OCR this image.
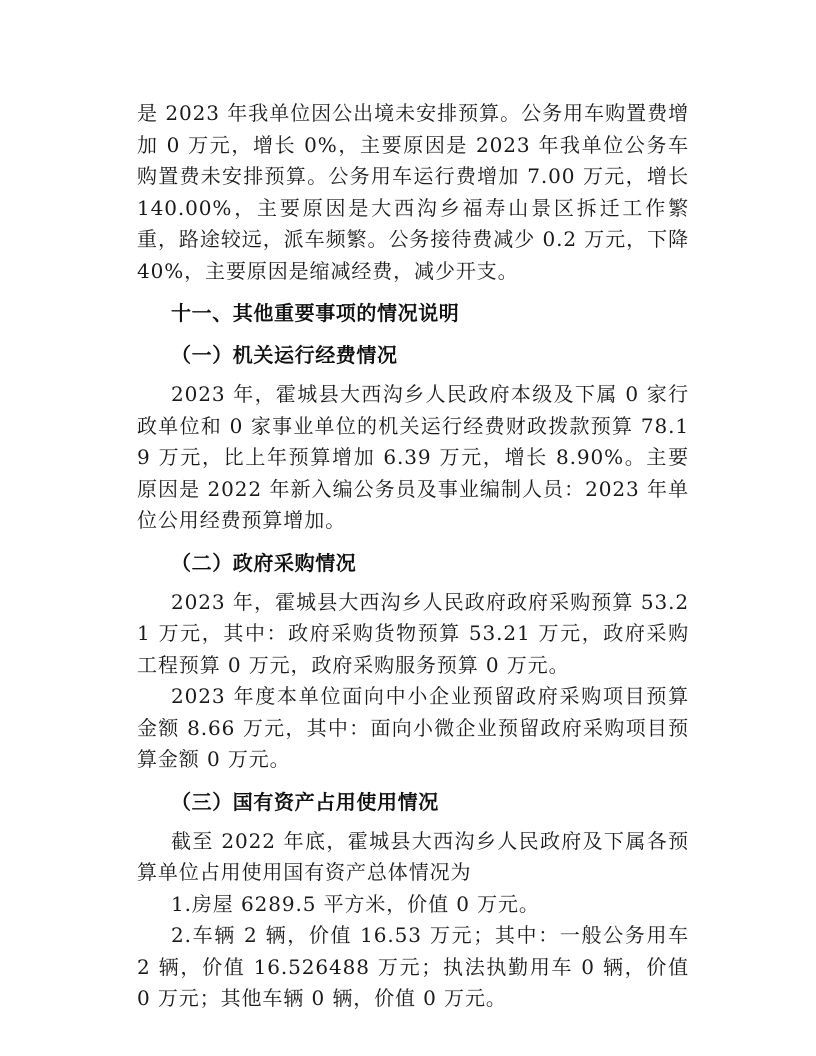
是 2023 年我单位因公出境未安排预算。公务用车购置费增加 0 万元，增长 0%，主要原因是 2023 年我单位公务车购置费未安排预算。公务用车运行费增加 7.00 万元，增长 140.00%，主要原因是大西沟乡福寿山景区拆迁工作繁重，路途较远，派车频繁。公务接待费减少 0.2 万元，下降 40%，主要原因是缩减经费，减少开支。

十一、其他重要事项的情况说明
（一）机关运行经费情况

2023 年，霍城县大西沟乡人民政府本级及下属 0 家行政单位和 0 家事业单位的机关运行经费财政拨款预算 78.19 万元，比上年预算增加 6.39 万元，增长 8.90%。主要原因是 2022 年新入编公务员及事业编制人员：2023 年单位公用经费预算增加。

（二）政府采购情况

2023 年，霍城县大西沟乡人民政府政府采购预算 53.21 万元，其中：政府采购货物预算 53.21 万元，政府采购工程预算 0 万元，政府采购服务预算 0 万元。

2023 年度本单位面向中小企业预留政府采购项目预算金额 8.66 万元，其中：面向小微企业预留政府采购项目预算金额 0 万元。

（三）国有资产占用使用情况

截至 2022 年底，霍城县大西沟乡人民政府及下属各预算单位占用使用国有资产总体情况为

1.房屋 6289.5 平方米，价值 0 万元。

2.车辆 2 辆，价值 16.53 万元；其中：一般公务用车 2 辆，价值 16.526488 万元；执法执勤用车 0 辆，价值 0 万元；其他车辆 0 辆，价值 0 万元。
